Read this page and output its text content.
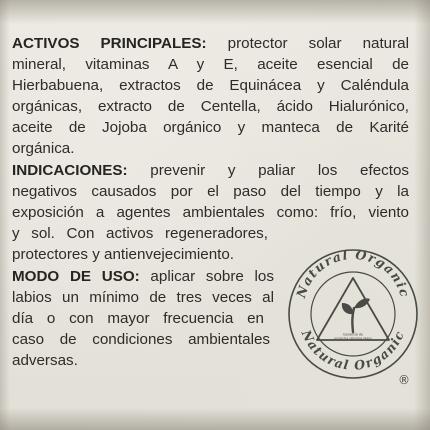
ACTIVOS PRINCIPALES: protector solar natural

mineral, vitaminas A y E, aceite esencial de

Hierbabuena, extractos de Equinácea y Caléndula

orgánicas, extracto de Centella, ácido Hialurónico,

aceite de Jojoba orgánico y manteca de Karité

orgánica.

INDICACIONES: prevenir y paliar los efectos

negativos causados por el paso del tiempo y la

exposición a agentes ambientales como: frío, viento

y sol. Con activos regeneradores,

protectores y antienvejecimiento.

MODO DE USO: aplicar sobre los

labios un mínimo de tres veces al

día o con mayor frecuencia en

caso de condiciones ambientales

adversas.

Natural Organic
Natural Organic
Garantía de
productos naturales Vegan
®
